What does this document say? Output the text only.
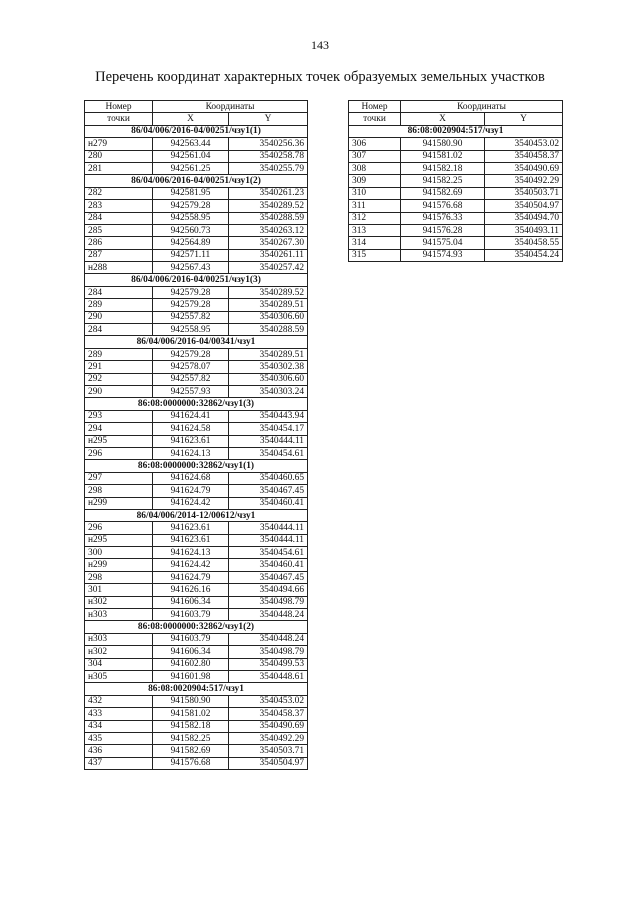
143
Перечень координат характерных точек образуемых земельных участков
Номер	Координаты	
точки	X	Y
86/04/006/2016-04/00251/чзу1(1)		
н279	942563.44	3540256.36
280	942561.04	3540258.78
281	942561.25	3540255.79
86/04/006/2016-04/00251/чзу1(2)		
282	942581.95	3540261.23
283	942579.28	3540289.52
284	942558.95	3540288.59
285	942560.73	3540263.12
286	942564.89	3540267.30
287	942571.11	3540261.11
н288	942567.43	3540257.42
86/04/006/2016-04/00251/чзу1(3)		
284	942579.28	3540289.52
289	942579.28	3540289.51
290	942557.82	3540306.60
284	942558.95	3540288.59
86/04/006/2016-04/00341/чзу1		
289	942579.28	3540289.51
291	942578.07	3540302.38
292	942557.82	3540306.60
290	942557.93	3540303.24
86:08:0000000:32862/чзу1(3)		
293	941624.41	3540443.94
294	941624.58	3540454.17
н295	941623.61	3540444.11
296	941624.13	3540454.61
86:08:0000000:32862/чзу1(1)		
297	941624.68	3540460.65
298	941624.79	3540467.45
н299	941624.42	3540460.41
86/04/006/2014-12/00612/чзу1		
296	941623.61	3540444.11
н295	941623.61	3540444.11
300	941624.13	3540454.61
н299	941624.42	3540460.41
298	941624.79	3540467.45
301	941626.16	3540494.66
н302	941606.34	3540498.79
н303	941603.79	3540448.24
86:08:0000000:32862/чзу1(2)		
н303	941603.79	3540448.24
н302	941606.34	3540498.79
304	941602.80	3540499.53
н305	941601.98	3540448.61
86:08:0020904:517/чзу1		
432	941580.90	3540453.02
433	941581.02	3540458.37
434	941582.18	3540490.69
435	941582.25	3540492.29
436	941582.69	3540503.71
437	941576.68	3540504.97
Номер	Координаты	
точки	X	Y
86:08:0020904:517/чзу1		
306	941580.90	3540453.02
307	941581.02	3540458.37
308	941582.18	3540490.69
309	941582.25	3540492.29
310	941582.69	3540503.71
311	941576.68	3540504.97
312	941576.33	3540494.70
313	941576.28	3540493.11
314	941575.04	3540458.55
315	941574.93	3540454.24
